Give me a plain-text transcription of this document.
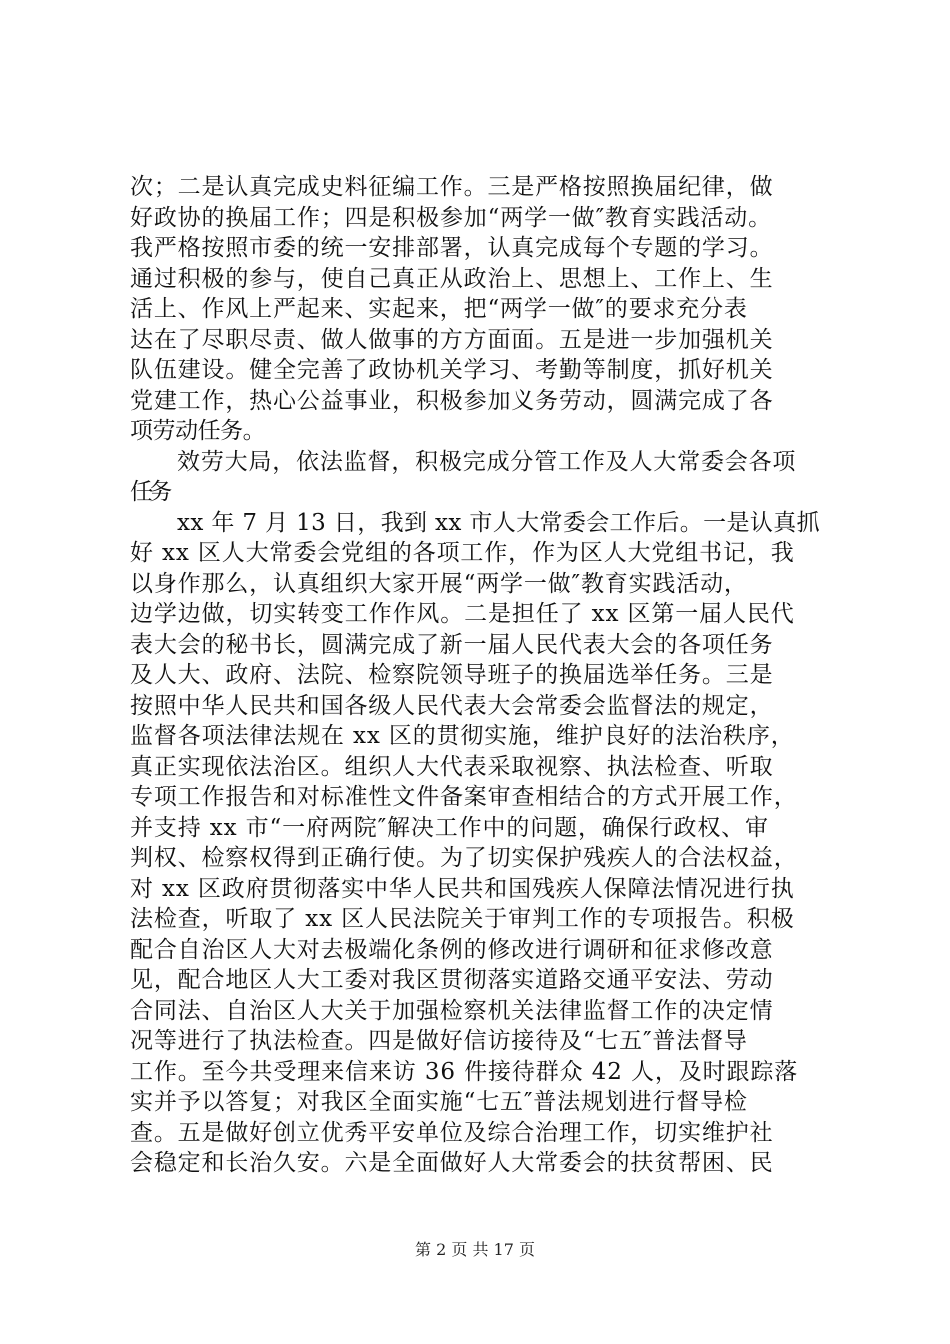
次；二是认真完成史料征编工作。三是严格按照换届纪律，做
好政协的换届工作；四是积极参加“两学一做″教育实践活动。
我严格按照市委的统一安排部署，认真完成每个专题的学习。
通过积极的参与，使自己真正从政治上、思想上、工作上、生
活上、作风上严起来、实起来，把“两学一做″的要求充分表
达在了尽职尽责、做人做事的方方面面。五是进一步加强机关
队伍建设。健全完善了政协机关学习、考勤等制度，抓好机关
党建工作，热心公益事业，积极参加义务劳动，圆满完成了各
项劳动任务。
效劳大局，依法监督，积极完成分管工作及人大常委会各项
任务
xx 年 7 月 13 日，我到 xx 市人大常委会工作后。一是认真抓
好 xx 区人大常委会党组的各项工作，作为区人大党组书记，我
以身作那么，认真组织大家开展“两学一做″教育实践活动，
边学边做，切实转变工作作风。二是担任了 xx 区第一届人民代
表大会的秘书长，圆满完成了新一届人民代表大会的各项任务
及人大、政府、法院、检察院领导班子的换届选举任务。三是
按照中华人民共和国各级人民代表大会常委会监督法的规定，
监督各项法律法规在 xx 区的贯彻实施，维护良好的法治秩序，
真正实现依法治区。组织人大代表采取视察、执法检查、听取
专项工作报告和对标准性文件备案审查相结合的方式开展工作，
并支持 xx 市“一府两院″解决工作中的问题，确保行政权、审
判权、检察权得到正确行使。为了切实保护残疾人的合法权益，
对 xx 区政府贯彻落实中华人民共和国残疾人保障法情况进行执
法检查，听取了 xx 区人民法院关于审判工作的专项报告。积极
配合自治区人大对去极端化条例的修改进行调研和征求修改意
见，配合地区人大工委对我区贯彻落实道路交通平安法、劳动
合同法、自治区人大关于加强检察机关法律监督工作的决定情
况等进行了执法检查。四是做好信访接待及“七五″普法督导
工作。至今共受理来信来访 36 件接待群众 42 人，及时跟踪落
实并予以答复；对我区全面实施“七五″普法规划进行督导检
查。五是做好创立优秀平安单位及综合治理工作，切实维护社
会稳定和长治久安。六是全面做好人大常委会的扶贫帮困、民
第 2 页 共 17 页
